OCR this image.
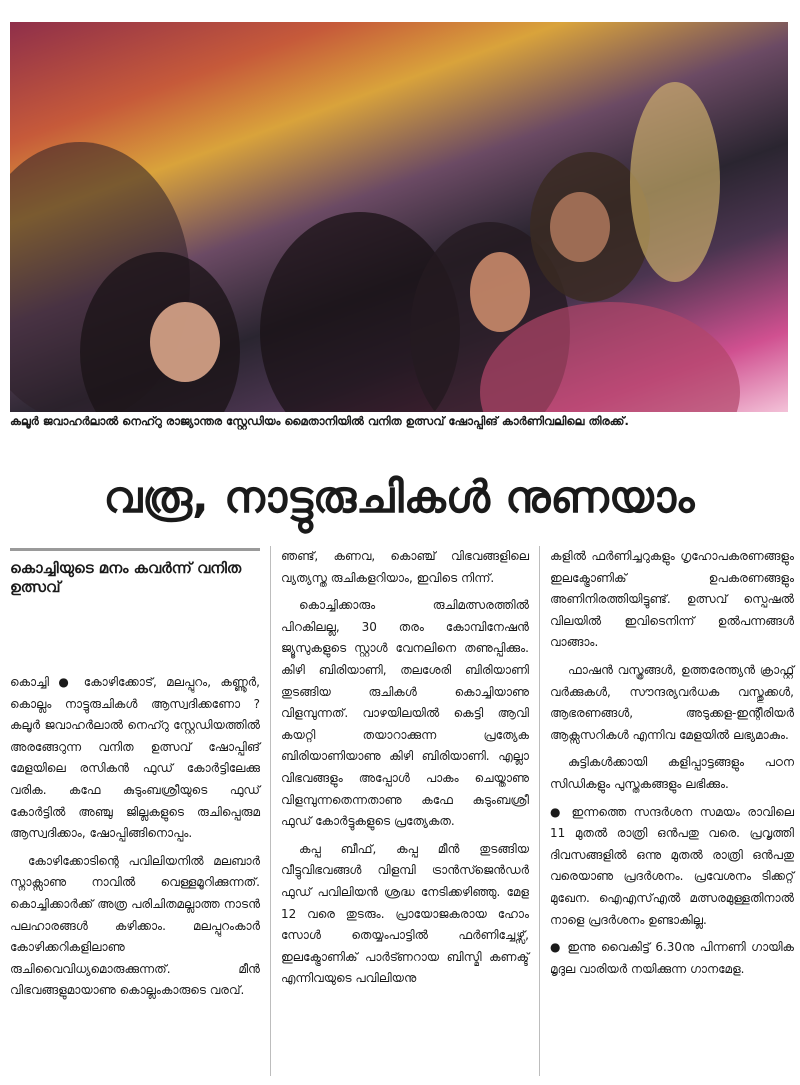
കലൂർ ജവാഹർലാൽ നെഹ്റു രാജ്യാന്തര സ്റ്റേഡിയം മൈതാനിയിൽ വനിത ഉത്സവ് ഷോപ്പിങ് കാർണിവലിലെ തിരക്ക്.
വരൂ, നാട്ടുരുചികൾ നുണയാം
കൊച്ചിയുടെ മനം കവർന്ന് വനിത ഉത്സവ്

കൊച്ചി ● കോഴിക്കോട്, മലപ്പുറം, കണ്ണൂർ, കൊല്ലം നാട്ടുരുചികൾ ആസ്വദിക്കണോ ? കലൂർ ജവാഹർലാൽ നെഹ്റു സ്റ്റേഡിയത്തിൽ അരങ്ങേറുന്ന വനിത ഉത്സവ് ഷോപ്പിങ് മേളയിലെ രസികൻ ഫുഡ് കോർട്ടിലേക്കു വരിക. കഫേ കുടുംബശ്രീയുടെ ഫുഡ് കോർട്ടിൽ അഞ്ചു ജില്ലകളുടെ രുചിപ്പെരുമ ആസ്വദിക്കാം, ഷോപ്പിങ്ങിനൊപ്പം.

കോഴിക്കോടിന്റെ പവിലിയനിൽ മലബാർ സ്നാക്സാണു നാവിൽ വെള്ളമൂറിക്കുന്നത്. കൊച്ചിക്കാർക്ക് അത്ര പരിചിതമല്ലാത്ത നാടൻ പലഹാരങ്ങൾ കഴിക്കാം. മലപ്പുറംകാർ കോഴിക്കറികളിലാണു രുചിവൈവിധ്യമൊരുക്കുന്നത്. മീൻ വിഭവങ്ങളുമായാണു കൊല്ലംകാരുടെ വരവ്.

ഞണ്ട്, കണവ, കൊഞ്ച് വിഭവങ്ങളിലെ വ്യത്യസ്ത രുചികളറിയാം, ഇവിടെ നിന്ന്.

കൊച്ചിക്കാരും രുചിമത്സരത്തിൽ പിറകിലല്ല, 30 തരം കോമ്പിനേഷൻ ജ്യൂസുകളുടെ സ്റ്റാൾ വേനലിനെ തണുപ്പിക്കും. കിഴി ബിരിയാണി, തലശേരി ബിരിയാണി തുടങ്ങിയ രുചികൾ കൊച്ചിയാണു വിളമ്പുന്നത്. വാഴയിലയിൽ കെട്ടി ആവി കയറ്റി തയാറാക്കുന്ന പ്രത്യേക ബിരിയാണിയാണു കിഴി ബിരിയാണി. എല്ലാ വിഭവങ്ങളും അപ്പോൾ പാകം ചെയ്താണു വിളമ്പുന്നതെന്നതാണു കഫേ കുടുംബശ്രീ ഫുഡ് കോർട്ടുകളുടെ പ്രത്യേകത.

കപ്പ ബീഫ്, കപ്പ മീൻ തുടങ്ങിയ വീട്ടുവിഭവങ്ങൾ വിളമ്പി ട്രാൻസ്ജെൻഡർ ഫുഡ് പവിലിയൻ ശ്രദ്ധ നേടിക്കഴിഞ്ഞു. മേള 12 വരെ തുടരും. പ്രായോജകരായ ഹോം സോൾ തെയ്യംപാട്ടിൽ ഫർണിച്ചേഴ്സ്, ഇലക്ട്രോണിക് പാർട്ണറായ ബിസ്മി കണക്ട് എന്നിവയുടെ പവിലിയനു

കളിൽ ഫർണിച്ചറുകളും ഗൃഹോപകരണങ്ങളും ഇലക്ട്രോണിക് ഉപകരണങ്ങളും അണിനിരത്തിയിട്ടുണ്ട്. ഉത്സവ് സ്പെഷൽ വിലയിൽ ഇവിടെനിന്ന് ഉൽപന്നങ്ങൾ വാങ്ങാം.

ഫാഷൻ വസ്ത്രങ്ങൾ, ഉത്തരേന്ത്യൻ ക്രാഫ്റ്റ് വർക്കുകൾ, സൗന്ദര്യവർധക വസ്തുക്കൾ, ആഭരണങ്ങൾ, അടുക്കള-ഇന്റീരിയർ ആക്സസറികൾ എന്നിവ മേളയിൽ ലഭ്യമാകും.

കുട്ടികൾക്കായി കളിപ്പാട്ടങ്ങളും പഠന സിഡികളും പുസ്തകങ്ങളും ലഭിക്കും.

● ഇന്നത്തെ സന്ദർശന സമയം രാവിലെ 11 മുതൽ രാത്രി ഒൻപതു വരെ. പ്രവൃത്തി ദിവസങ്ങളിൽ ഒന്നു മുതൽ രാത്രി ഒൻപതു വരെയാണു പ്രദർശനം. പ്രവേശനം ടിക്കറ്റ് മുഖേന. ഐഎസ്എൽ മത്സരമുള്ളതിനാൽ നാളെ പ്രദർശനം ഉണ്ടാകില്ല.

● ഇന്നു വൈകിട്ട് 6.30നു പിന്നണി ഗായിക മൃദുല വാരിയർ നയിക്കുന്ന ഗാനമേള.
